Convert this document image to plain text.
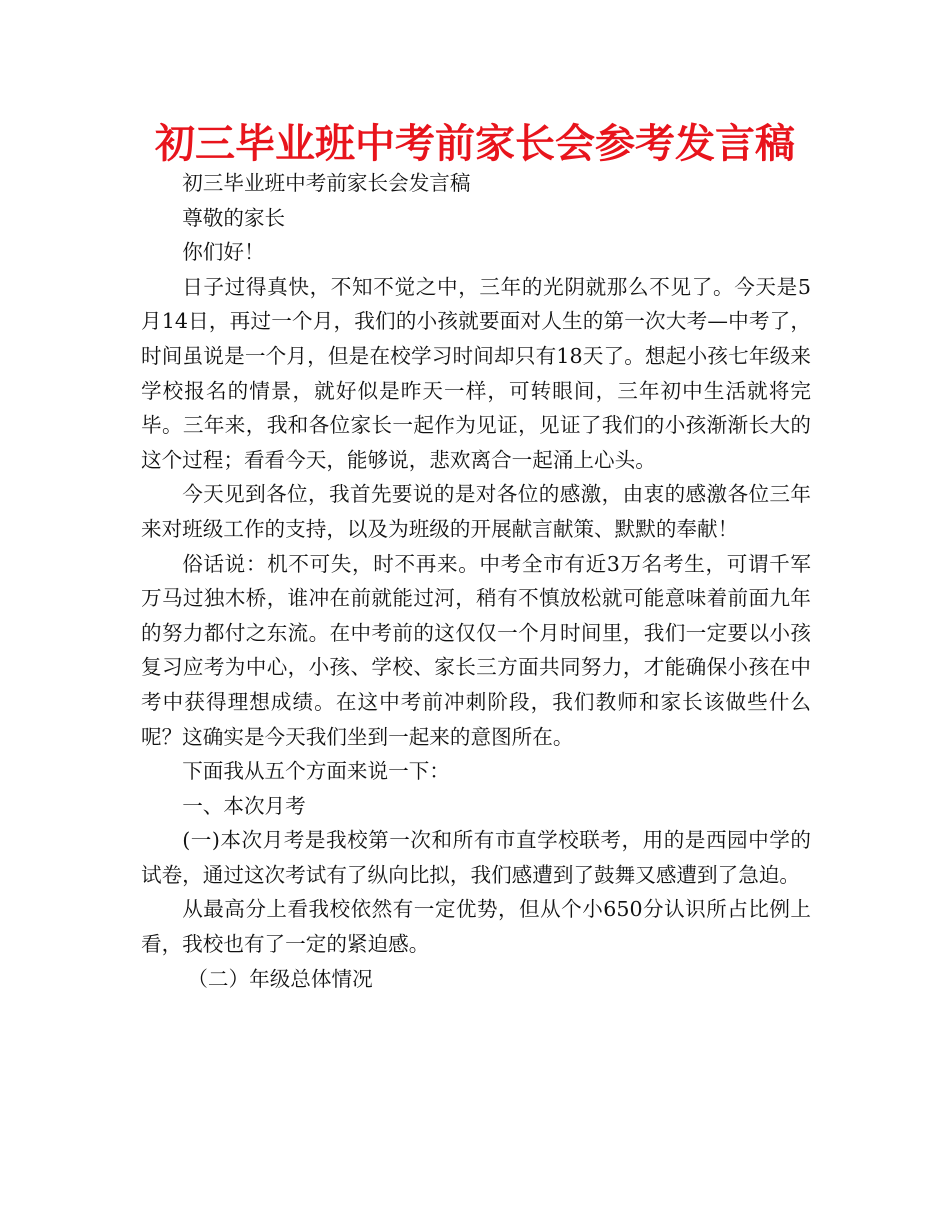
初三毕业班中考前家长会参考发言稿

初三毕业班中考前家长会发言稿

尊敬的家长

你们好！

日子过得真快，不知不觉之中，三年的光阴就那么不见了。今天是5月14日，再过一个月，我们的小孩就要面对人生的第一次大考—中考了，时间虽说是一个月，但是在校学习时间却只有18天了。想起小孩七年级来学校报名的情景，就好似是昨天一样，可转眼间，三年初中生活就将完毕。三年来，我和各位家长一起作为见证，见证了我们的小孩渐渐长大的这个过程；看看今天，能够说，悲欢离合一起涌上心头。

今天见到各位，我首先要说的是对各位的感激，由衷的感激各位三年来对班级工作的支持，以及为班级的开展献言献策、默默的奉献！

俗话说：机不可失，时不再来。中考全市有近3万名考生，可谓千军万马过独木桥，谁冲在前就能过河，稍有不慎放松就可能意味着前面九年的努力都付之东流。在中考前的这仅仅一个月时间里，我们一定要以小孩复习应考为中心，小孩、学校、家长三方面共同努力，才能确保小孩在中考中获得理想成绩。在这中考前冲刺阶段，我们教师和家长该做些什么呢？这确实是今天我们坐到一起来的意图所在。

下面我从五个方面来说一下：

一、本次月考

(一)本次月考是我校第一次和所有市直学校联考，用的是西园中学的试卷，通过这次考试有了纵向比拟，我们感遭到了鼓舞又感遭到了急迫。

从最高分上看我校依然有一定优势，但从个小650分认识所占比例上看，我校也有了一定的紧迫感。

（二）年级总体情况
